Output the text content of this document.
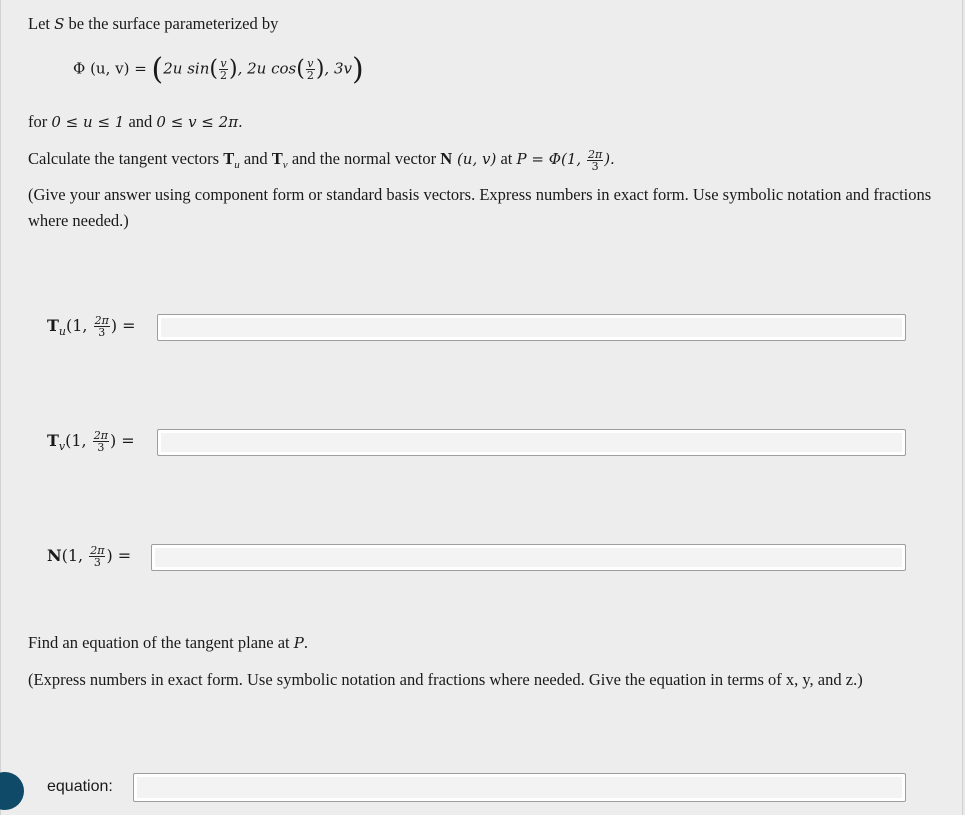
Let S be the surface parameterized by
Φ (u, v) = (2u $\sin( \frac{v}{2}$ ), 2u $\cos( \frac{v}{2}$ ), 3v)
for 0 ≤ u ≤ 1 and 0 ≤ v ≤ 2π.
Calculate the tangent vectors $T_u$ and $T_v$ and the normal vector N (u, v) at P = Φ(1, $\frac{2\pi}{3}$ ).
(Give your answer using component form or standard basis vectors. Express numbers in exact form. Use symbolic notation and fractions where needed.)
$T_u(1$, $\frac{2\pi}{3}$ ) =
$T_v(1$, $\frac{2\pi}{3}$ ) =
N(1, $\frac{2\pi}{3}$ ) =
Find an equation of the tangent plane at P.
(Express numbers in exact form. Use symbolic notation and fractions where needed. Give the equation in terms of x, y, and z.)
equation:
